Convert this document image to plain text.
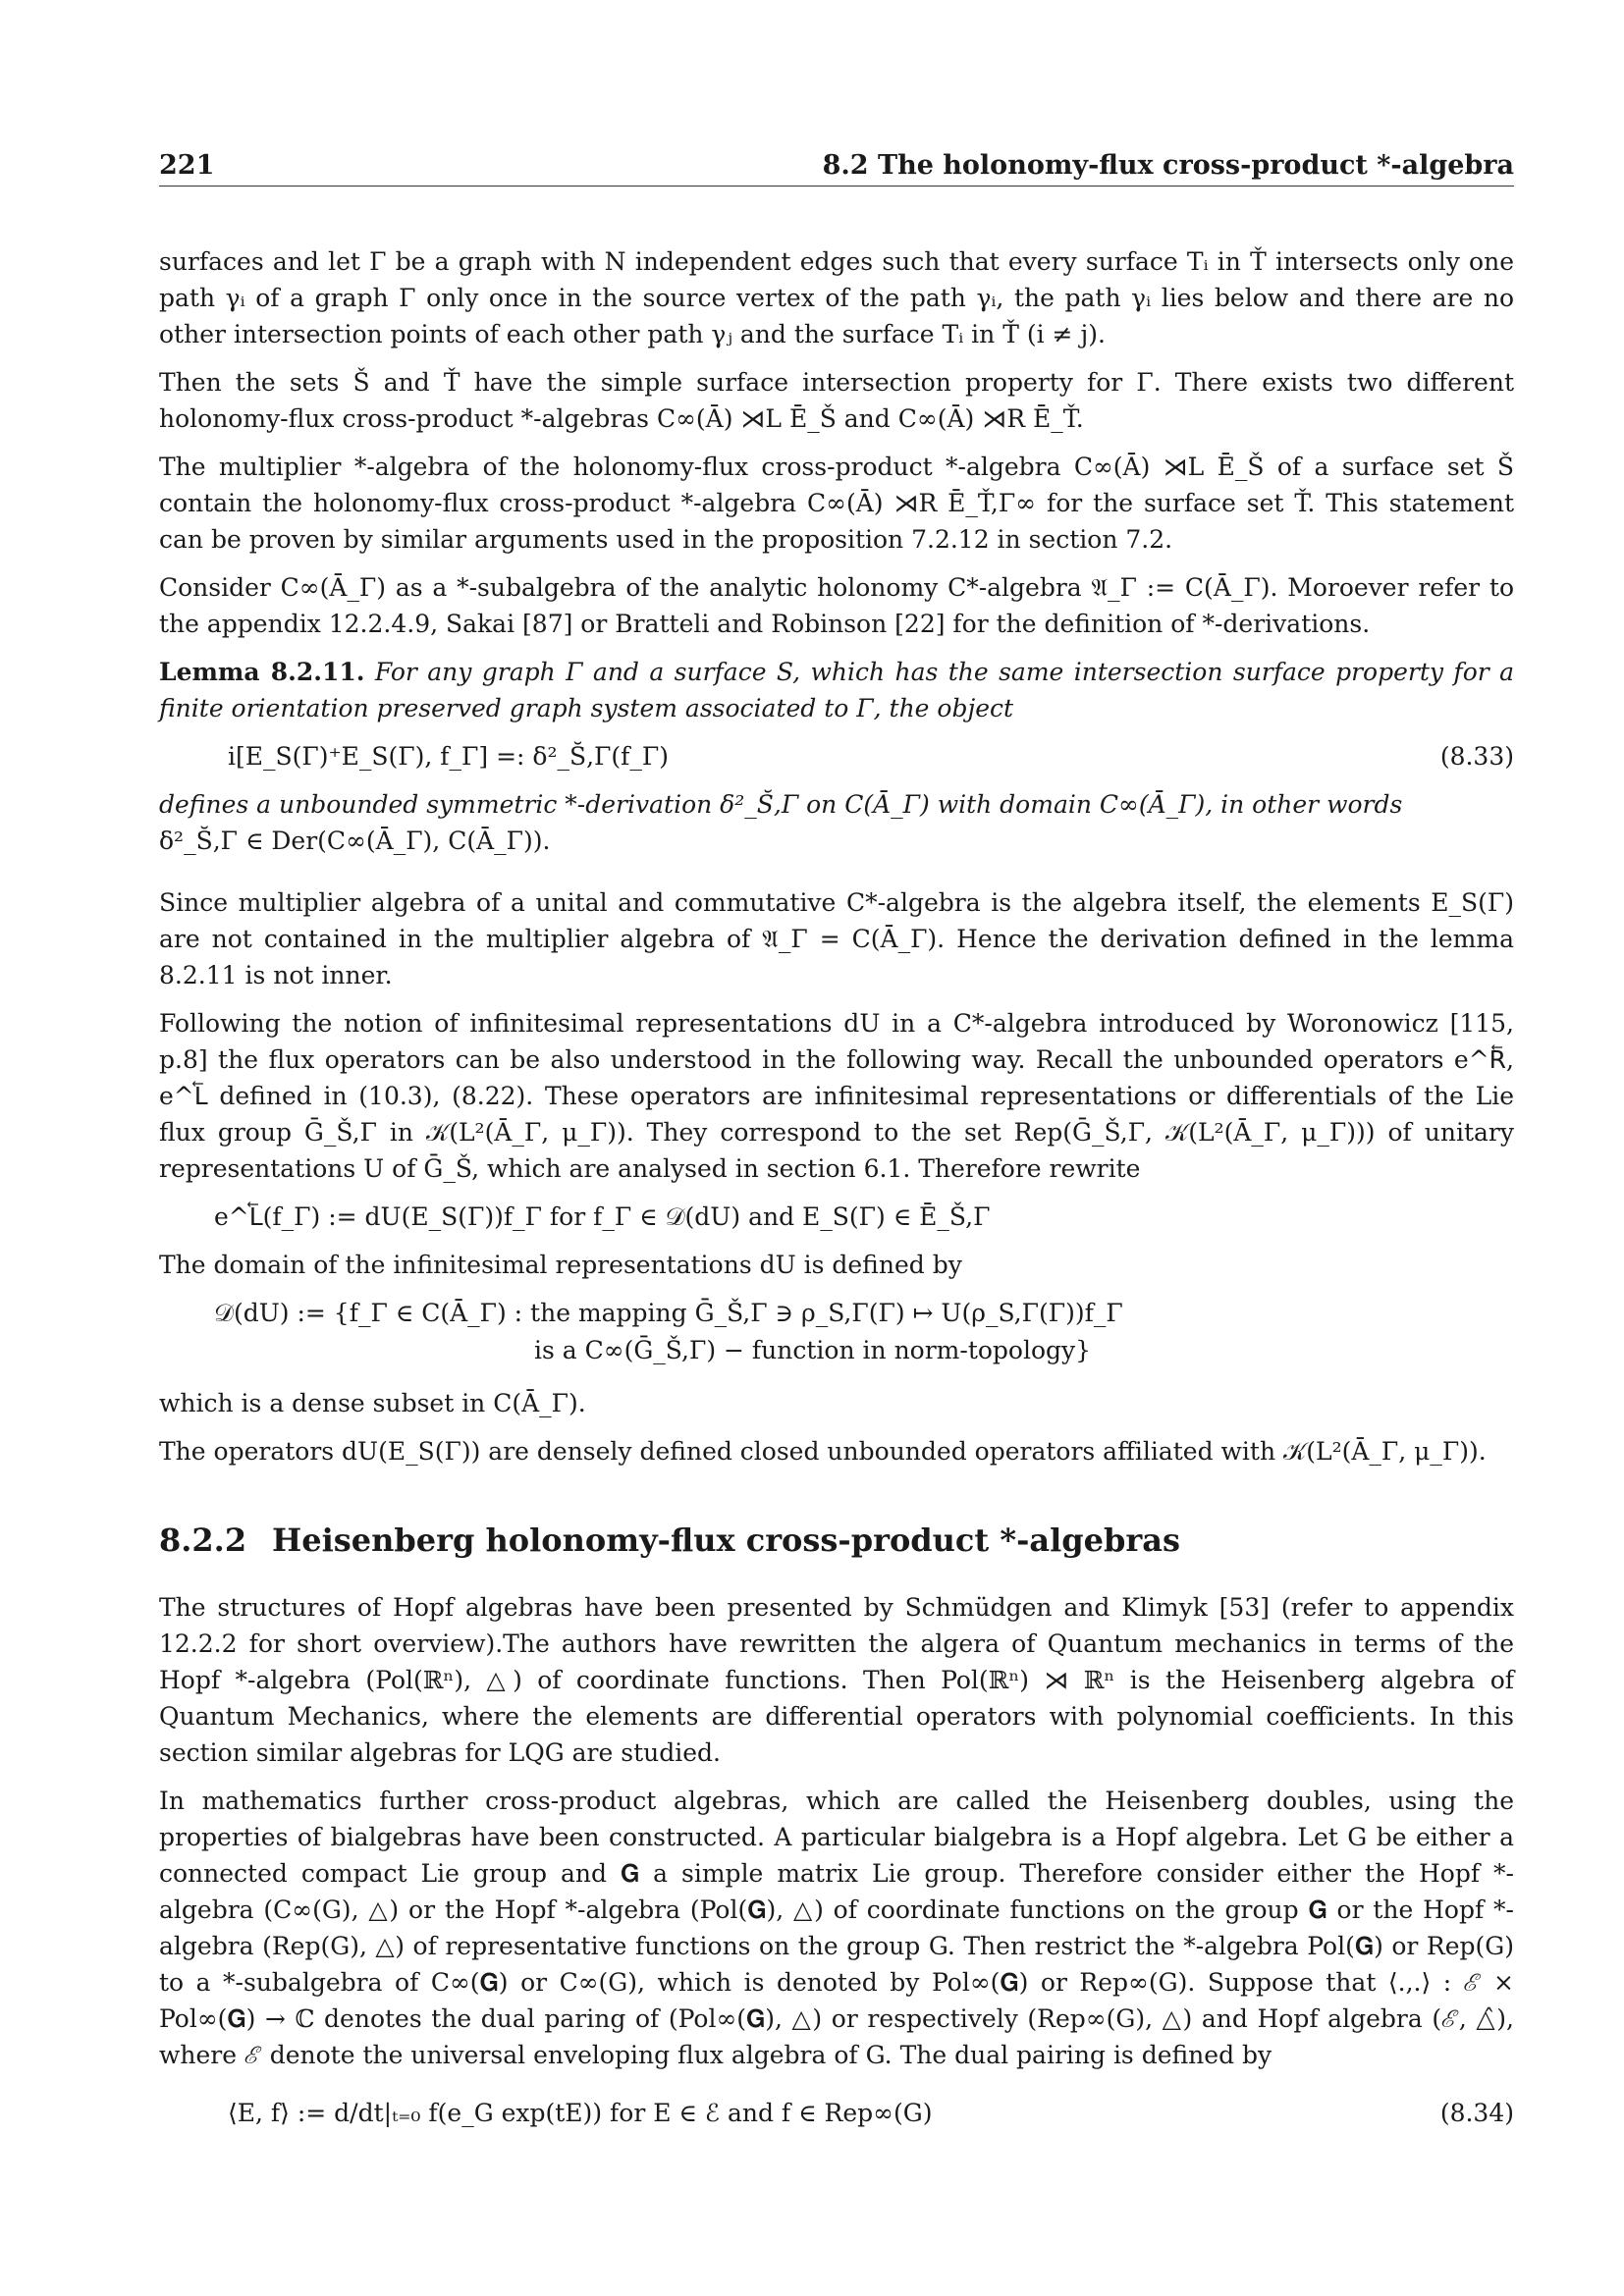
221	8.2 The holonomy-flux cross-product *-algebra

surfaces and let Γ be a graph with N independent edges such that every surface Tᵢ in Ť intersects only one path γᵢ of a graph Γ only once in the source vertex of the path γᵢ, the path γᵢ lies below and there are no other intersection points of each other path γⱼ and the surface Tᵢ in Ť (i ≠ j).

Then the sets Š and Ť have the simple surface intersection property for Γ. There exists two different holonomy-flux cross-product *-algebras C∞(Ā) ⋊L Ē_Š and C∞(Ā) ⋊R Ē_Ť.

The multiplier *-algebra of the holonomy-flux cross-product *-algebra C∞(Ā) ⋊L Ē_Š of a surface set Š contain the holonomy-flux cross-product *-algebra C∞(Ā) ⋊R Ē_Ť,Γ∞ for the surface set Ť. This statement can be proven by similar arguments used in the proposition 7.2.12 in section 7.2.

Consider C∞(Ā_Γ) as a *-subalgebra of the analytic holonomy C*-algebra 𝔄_Γ := C(Ā_Γ). Moroever refer to the appendix 12.2.4.9, Sakai [87] or Bratteli and Robinson [22] for the definition of *-derivations.

Lemma 8.2.11. For any graph Γ and a surface S, which has the same intersection surface property for a finite orientation preserved graph system associated to Γ, the object
i[E_S(Γ)⁺E_S(Γ), f_Γ] =: δ²_S̆,Γ(f_Γ)	(8.33)
defines a unbounded symmetric *-derivation δ²_S̆,Γ on C(Ā_Γ) with domain C∞(Ā_Γ), in other words
δ²_S̆,Γ ∈ Der(C∞(Ā_Γ), C(Ā_Γ)).

Since multiplier algebra of a unital and commutative C*-algebra is the algebra itself, the elements E_S(Γ) are not contained in the multiplier algebra of 𝔄_Γ = C(Ā_Γ). Hence the derivation defined in the lemma 8.2.11 is not inner.

Following the notion of infinitesimal representations dU in a C*-algebra introduced by Woronowicz [115, p.8] the flux operators can be also understood in the following way. Recall the unbounded operators e^R⃖, e^L⃖ defined in (10.3), (8.22). These operators are infinitesimal representations or differentials of the Lie flux group Ḡ_Š,Γ in 𝒦(L²(Ā_Γ, μ_Γ)). They correspond to the set Rep(Ḡ_Š,Γ, 𝒦(L²(Ā_Γ, μ_Γ))) of unitary representations U of Ḡ_Š, which are analysed in section 6.1. Therefore rewrite

e^L⃖(f_Γ) := dU(E_S(Γ))f_Γ for f_Γ ∈ 𝒟(dU) and E_S(Γ) ∈ Ē_Š,Γ

The domain of the infinitesimal representations dU is defined by

𝒟(dU) := {f_Γ ∈ C(Ā_Γ) : the mapping Ḡ_Š,Γ ∋ ρ_S,Γ(Γ) ↦ U(ρ_S,Γ(Γ))f_Γ
is a C∞(Ḡ_Š,Γ) − function in norm-topology}

which is a dense subset in C(Ā_Γ).

The operators dU(E_S(Γ)) are densely defined closed unbounded operators affiliated with 𝒦(L²(Ā_Γ, μ_Γ)).

8.2.2 Heisenberg holonomy-flux cross-product *-algebras

The structures of Hopf algebras have been presented by Schmüdgen and Klimyk [53] (refer to appendix 12.2.2 for short overview).The authors have rewritten the algera of Quantum mechanics in terms of the Hopf *-algebra (Pol(ℝⁿ), △) of coordinate functions. Then Pol(ℝⁿ) ⋊ ℝⁿ is the Heisenberg algebra of Quantum Mechanics, where the elements are differential operators with polynomial coefficients. In this section similar algebras for LQG are studied.

In mathematics further cross-product algebras, which are called the Heisenberg doubles, using the properties of bialgebras have been constructed. A particular bialgebra is a Hopf algebra. Let G be either a connected compact Lie group and 𝐆 a simple matrix Lie group. Therefore consider either the Hopf *-algebra (C∞(G), △) or the Hopf *-algebra (Pol(𝐆), △) of coordinate functions on the group 𝐆 or the Hopf *-algebra (Rep(G), △) of representative functions on the group G. Then restrict the *-algebra Pol(𝐆) or Rep(G) to a *-subalgebra of C∞(𝐆) or C∞(G), which is denoted by Pol∞(𝐆) or Rep∞(G). Suppose that ⟨.,.⟩ : ℰ × Pol∞(𝐆) → ℂ denotes the dual paring of (Pol∞(𝐆), △) or respectively (Rep∞(G), △) and Hopf algebra (ℰ, △̂), where ℰ denote the universal enveloping flux algebra of G. The dual pairing is defined by

⟨E, f⟩ := d/dt|ₜ₌₀ f(e_G exp(tE)) for E ∈ ℰ and f ∈ Rep∞(G)	(8.34)
